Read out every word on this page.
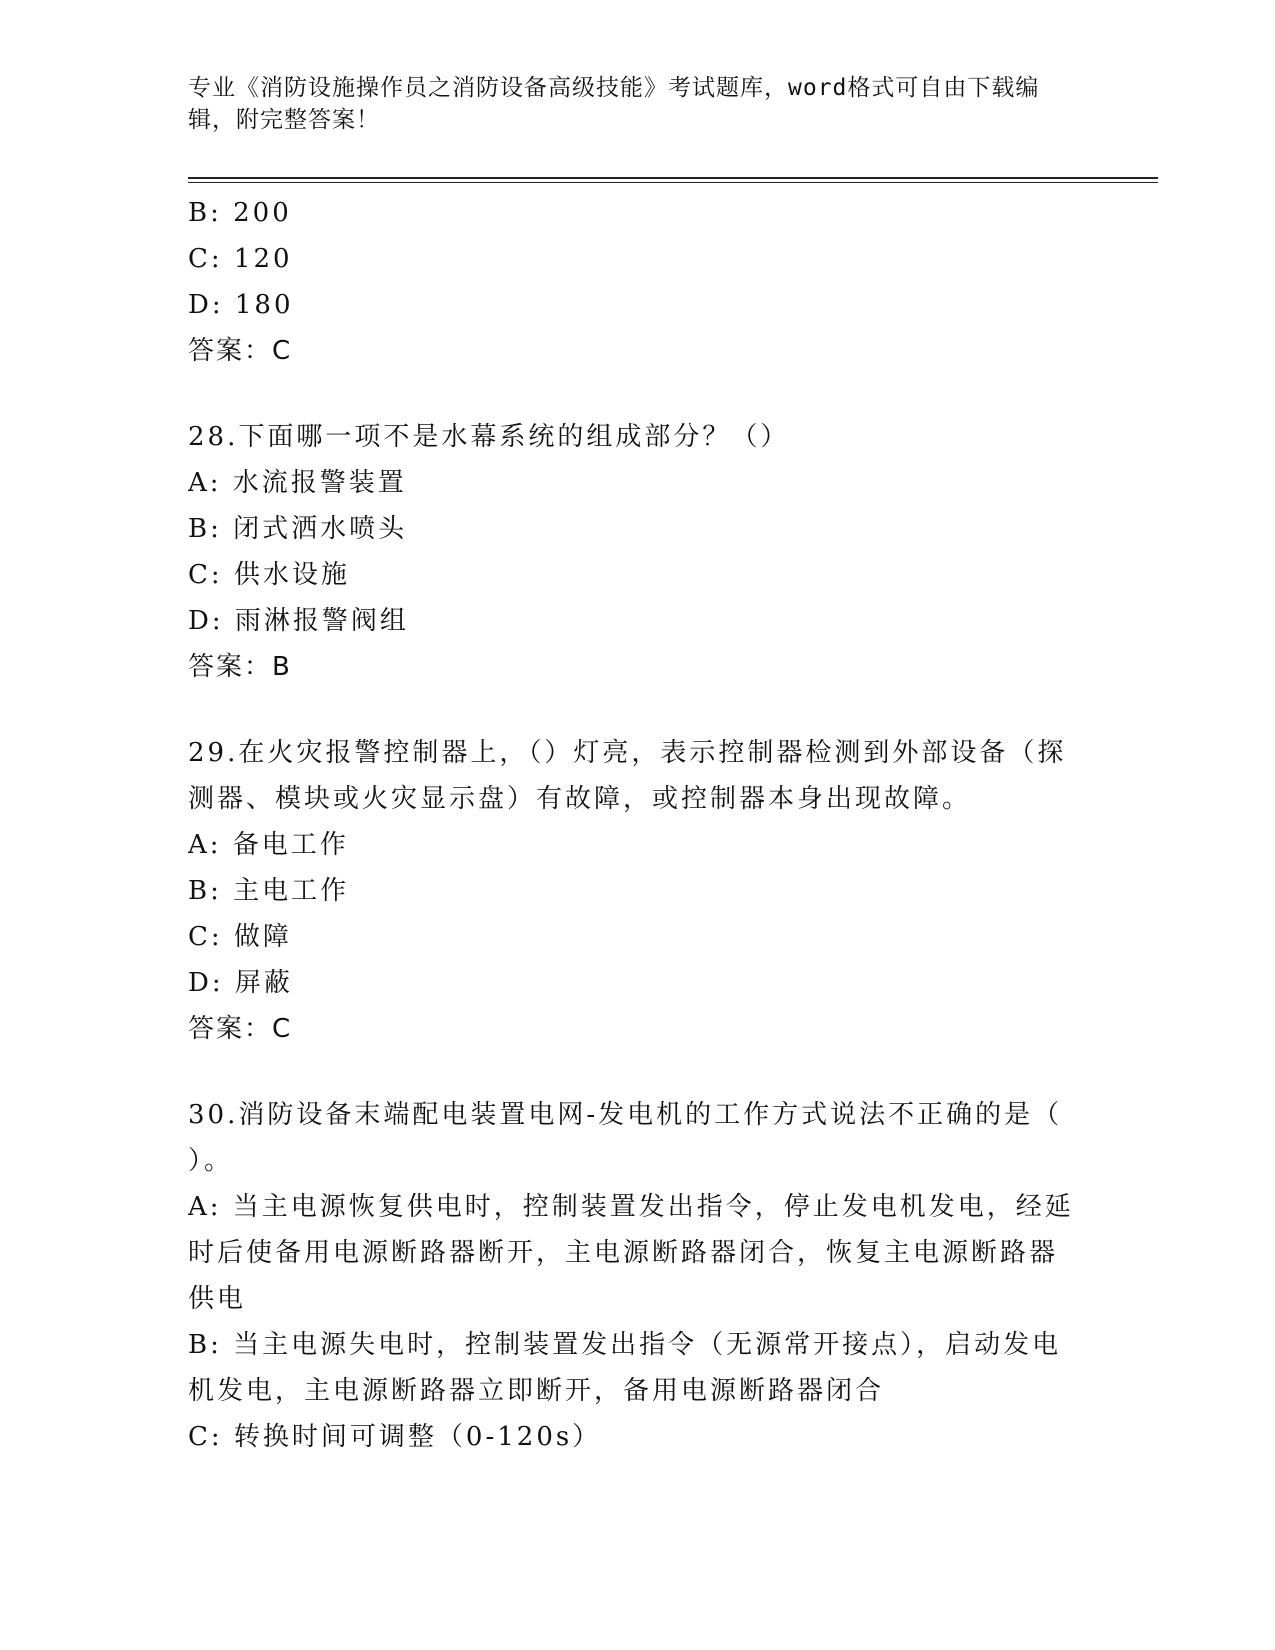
专业《消防设施操作员之消防设备高级技能》考试题库，word格式可自由下载编
辑，附完整答案！
B: 200
C: 120
D: 180
答案：C
28.下面哪一项不是水幕系统的组成部分？（）
A: 水流报警装置
B: 闭式洒水喷头
C: 供水设施
D: 雨淋报警阀组
答案：B
29.在火灾报警控制器上，（）灯亮，表示控制器检测到外部设备（探
测器、模块或火灾显示盘）有故障，或控制器本身出现故障。
A: 备电工作
B: 主电工作
C: 做障
D: 屏蔽
答案：C
30.消防设备末端配电装置电网-发电机的工作方式说法不正确的是（
）。
A: 当主电源恢复供电时，控制装置发出指令，停止发电机发电，经延
时后使备用电源断路器断开，主电源断路器闭合，恢复主电源断路器
供电
B: 当主电源失电时，控制装置发出指令（无源常开接点），启动发电
机发电，主电源断路器立即断开，备用电源断路器闭合
C: 转换时间可调整（0-120s）
